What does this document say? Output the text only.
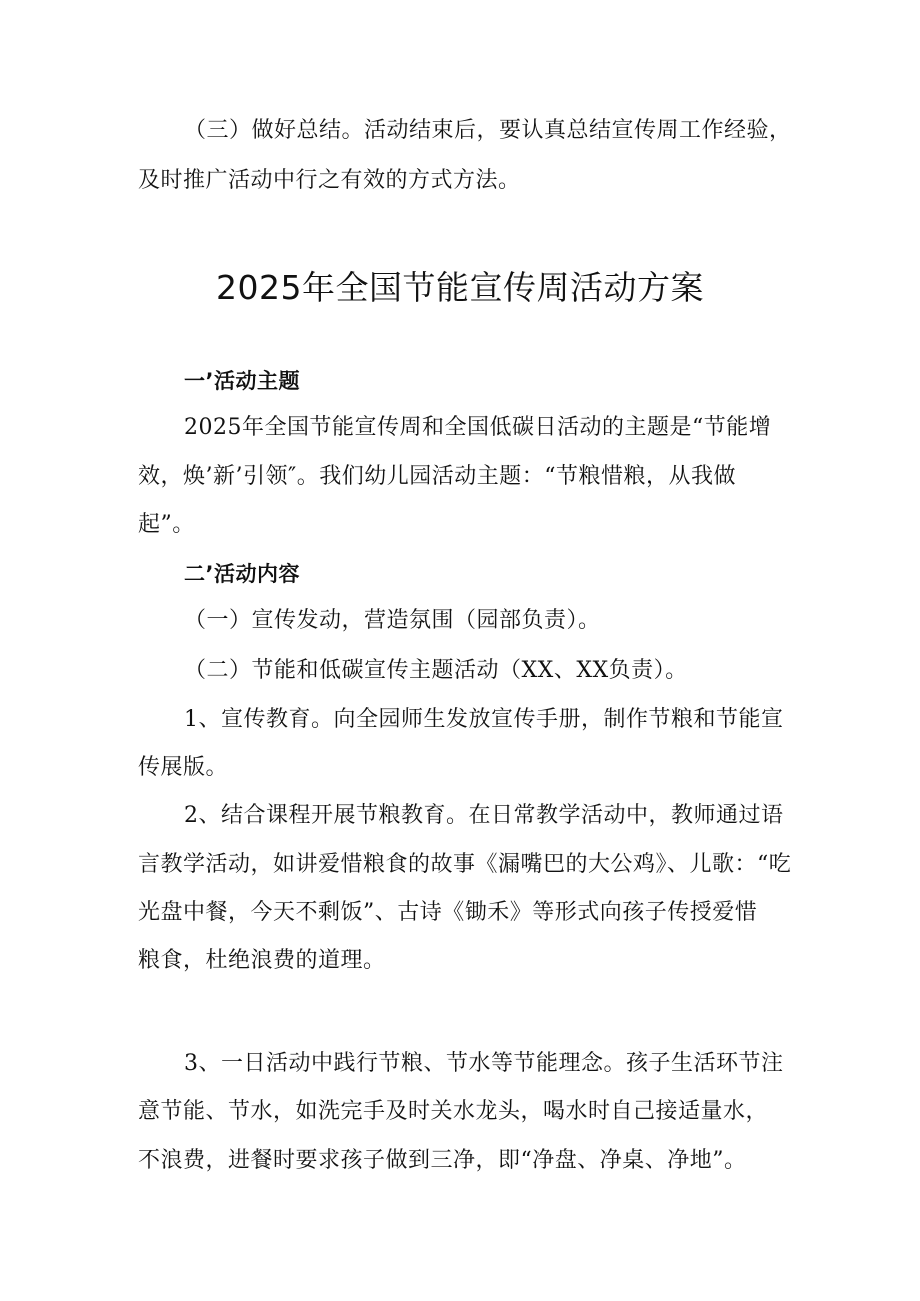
（三）做好总结。活动结束后，要认真总结宣传周工作经验，
及时推广活动中行之有效的方式方法。
2025年全国节能宣传周活动方案
一’活动主题
2025年全国节能宣传周和全国低碳日活动的主题是“节能增
效，焕’新’引领″。我们幼儿园活动主题：“节粮惜粮，从我做
起”。
二’活动内容
（一）宣传发动，营造氛围（园部负责）。
（二）节能和低碳宣传主题活动（XX、XX负责）。
1、宣传教育。向全园师生发放宣传手册，制作节粮和节能宣
传展版。
2、结合课程开展节粮教育。在日常教学活动中，教师通过语
言教学活动，如讲爱惜粮食的故事《漏嘴巴的大公鸡》、儿歌：“吃
光盘中餐，今天不剩饭”、古诗《锄禾》等形式向孩子传授爱惜
粮食，杜绝浪费的道理。
3、一日活动中践行节粮、节水等节能理念。孩子生活环节注
意节能、节水，如洗完手及时关水龙头，喝水时自己接适量水，
不浪费，进餐时要求孩子做到三净，即“净盘、净桌、净地”。
